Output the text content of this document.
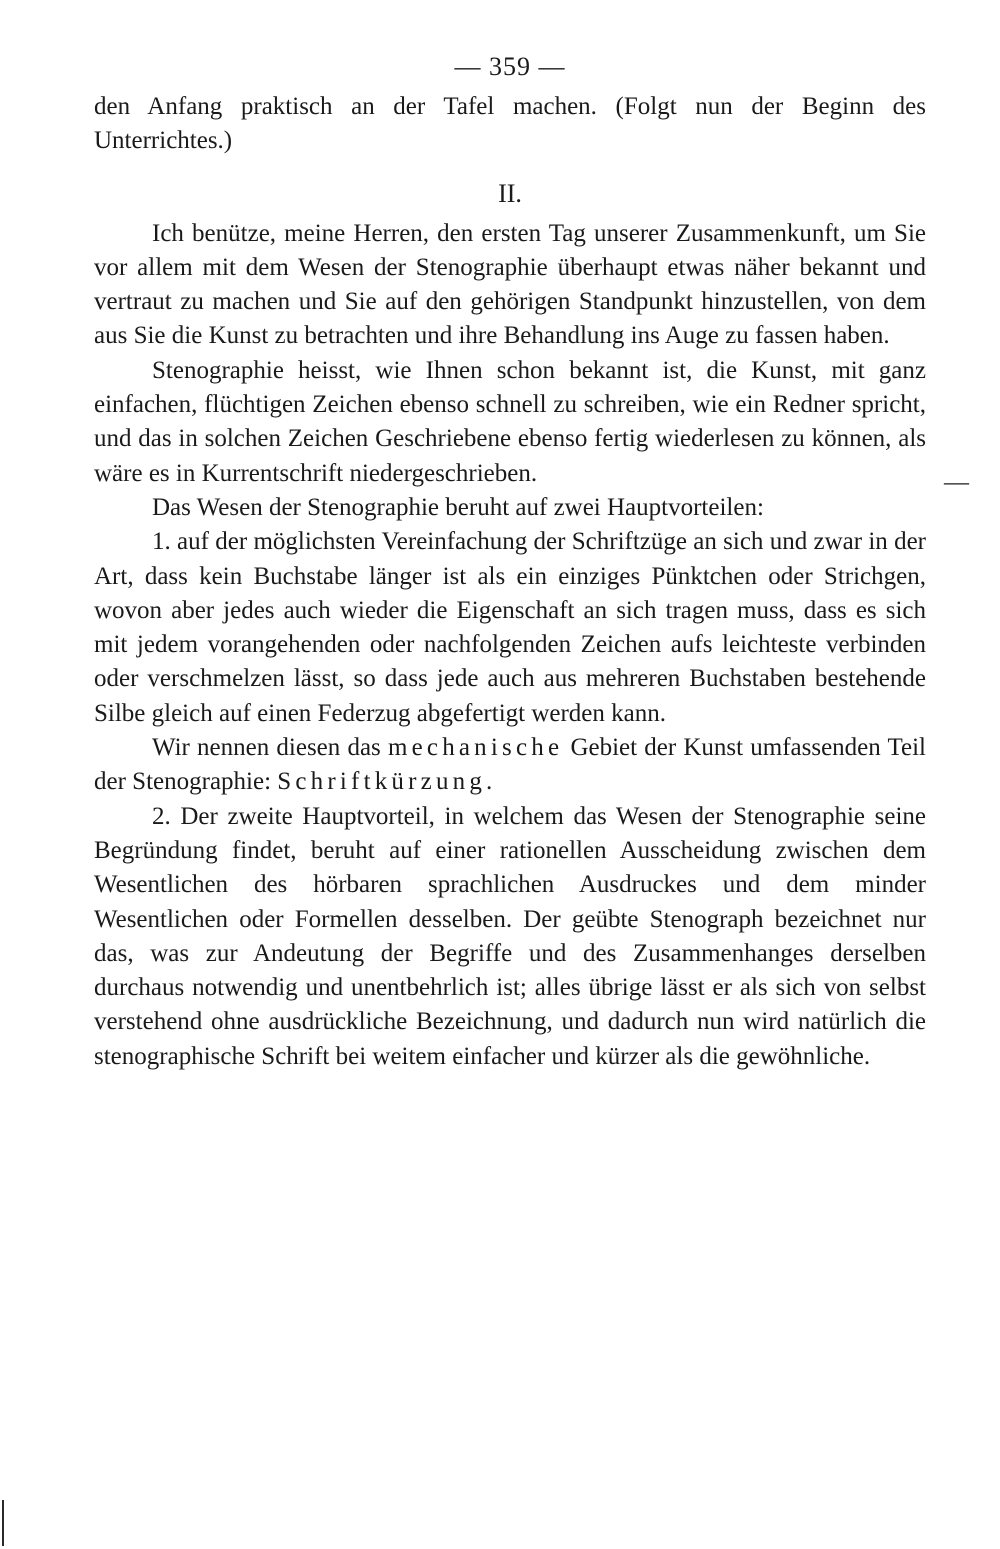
— 359 —

den Anfang praktisch an der Tafel machen. (Folgt nun der Beginn des Unterrichtes.)

II.

Ich benütze, meine Herren, den ersten Tag unserer Zusammenkunft, um Sie vor allem mit dem Wesen der Stenographie überhaupt etwas näher bekannt und vertraut zu machen und Sie auf den gehörigen Standpunkt hinzustellen, von dem aus Sie die Kunst zu betrachten und ihre Behandlung ins Auge zu fassen haben.

Stenographie heisst, wie Ihnen schon bekannt ist, die Kunst, mit ganz einfachen, flüchtigen Zeichen ebenso schnell zu schreiben, wie ein Redner spricht, und das in solchen Zeichen Geschriebene ebenso fertig wiederlesen zu können, als wäre es in Kurrentschrift niedergeschrieben.

Das Wesen der Stenographie beruht auf zwei Hauptvorteilen:

1. auf der möglichsten Vereinfachung der Schriftzüge an sich und zwar in der Art, dass kein Buchstabe länger ist als ein einziges Pünktchen oder Strichgen, wovon aber jedes auch wieder die Eigenschaft an sich tragen muss, dass es sich mit jedem vorangehenden oder nachfolgenden Zeichen aufs leichteste verbinden oder verschmelzen lässt, so dass jede auch aus mehreren Buchstaben bestehende Silbe gleich auf einen Federzug abgefertigt werden kann.

Wir nennen diesen das mechanische Gebiet der Kunst umfassenden Teil der Stenographie: Schriftkürzung.

2. Der zweite Hauptvorteil, in welchem das Wesen der Stenographie seine Begründung findet, beruht auf einer rationellen Ausscheidung zwischen dem Wesentlichen des hörbaren sprachlichen Ausdruckes und dem minder Wesentlichen oder Formellen desselben. Der geübte Stenograph bezeichnet nur das, was zur Andeutung der Begriffe und des Zusammenhanges derselben durchaus notwendig und unentbehrlich ist; alles übrige lässt er als sich von selbst verstehend ohne ausdrückliche Bezeichnung, und dadurch nun wird natürlich die stenographische Schrift bei weitem einfacher und kürzer als die gewöhnliche.

—
